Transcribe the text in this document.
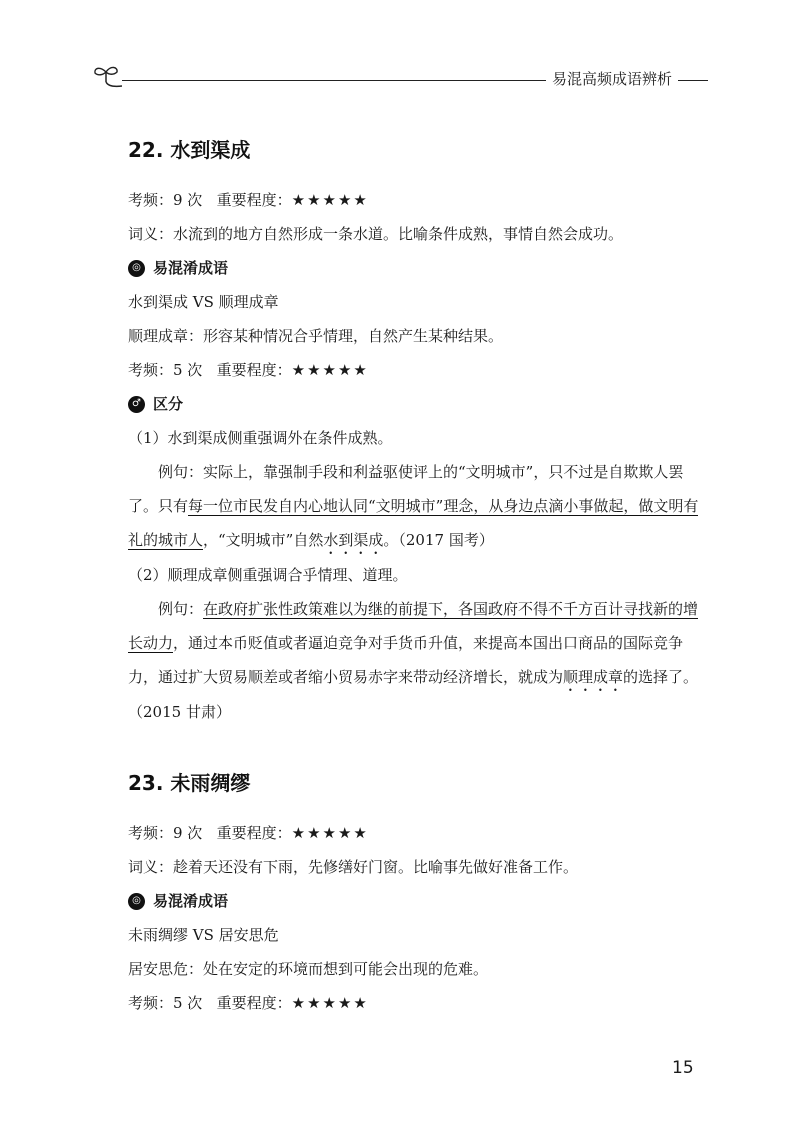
易混高频成语辨析
22. 水到渠成

考频：9 次 重要程度：★★★★★

词义：水流到的地方自然形成一条水道。比喻条件成熟，事情自然会成功。

◎ 易混淆成语

水到渠成 VS 顺理成章

顺理成章：形容某种情况合乎情理，自然产生某种结果。

考频：5 次 重要程度：★★★★★

♂ 区分

（1）水到渠成侧重强调外在条件成熟。

例句：实际上，靠强制手段和利益驱使评上的“文明城市”，只不过是自欺欺人罢了。只有每一位市民发自内心地认同“文明城市”理念，从身边点滴小事做起，做文明有礼的城市人，“文明城市”自然水到渠成。（2017 国考）

（2）顺理成章侧重强调合乎情理、道理。

例句：在政府扩张性政策难以为继的前提下，各国政府不得不千方百计寻找新的增长动力，通过本币贬值或者逼迫竞争对手货币升值，来提高本国出口商品的国际竞争力，通过扩大贸易顺差或者缩小贸易赤字来带动经济增长，就成为顺理成章的选择了。（2015 甘肃）

23. 未雨绸缪

考频：9 次 重要程度：★★★★★

词义：趁着天还没有下雨，先修缮好门窗。比喻事先做好准备工作。

◎ 易混淆成语

未雨绸缪 VS 居安思危

居安思危：处在安定的环境而想到可能会出现的危难。

考频：5 次 重要程度：★★★★★

15
